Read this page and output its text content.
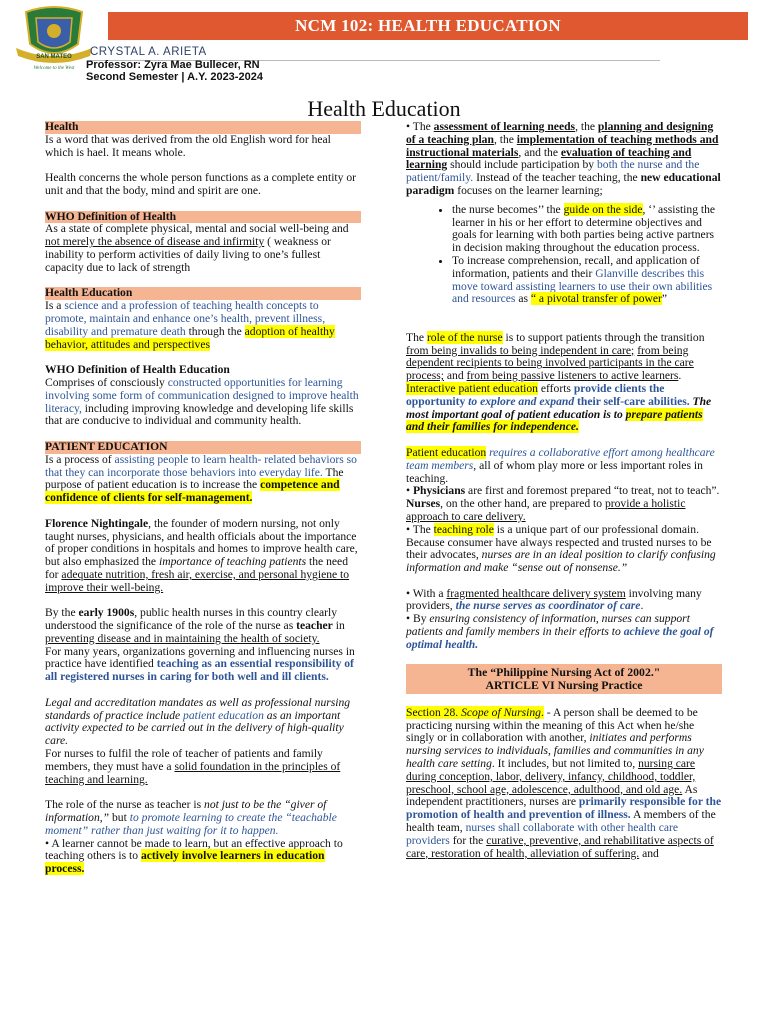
SAN MATEO
Welcome to the West
NCM 102: HEALTH EDUCATION
CRYSTAL A. ARIETA
Professor: Zyra Mae Bullecer, RN
Second Semester | A.Y. 2023-2024
Health Education
Health

Is a word that was derived from the old English word for heal which is hael. It means whole.

Health concerns the whole person functions as a complete entity or unit and that the body, mind and spirit are one.

WHO Definition of Health

As a state of complete physical, mental and social well-being and not merely the absence of disease and infirmity ( weakness or inability to perform activities of daily living to one’s fullest capacity due to lack of strength

Health Education

Is a science and a profession of teaching health concepts to promote, maintain and enhance one’s health, prevent illness, disability and premature death through the adoption of healthy behavior, attitudes and perspectives

WHO Definition of Health Education

Comprises of consciously constructed opportunities for learning involving some form of communication designed to improve health literacy, including improving knowledge and developing life skills that are conducive to individual and community health.

PATIENT EDUCATION

Is a process of assisting people to learn health- related behaviors so that they can incorporate those behaviors into everyday life. The purpose of patient education is to increase the competence and confidence of clients for self-management.

Florence Nightingale, the founder of modern nursing, not only taught nurses, physicians, and health officials about the importance of proper conditions in hospitals and homes to improve health care, but also emphasized the importance of teaching patients the need for adequate nutrition, fresh air, exercise, and personal hygiene to improve their well-being.

By the early 1900s, public health nurses in this country clearly understood the significance of the role of the nurse as teacher in preventing disease and in maintaining the health of society.

For many years, organizations governing and influencing nurses in practice have identified teaching as an essential responsibility of all registered nurses in caring for both well and ill clients.

Legal and accreditation mandates as well as professional nursing standards of practice include patient education as an important activity expected to be carried out in the delivery of high-quality care.

For nurses to fulfil the role of teacher of patients and family members, they must have a solid foundation in the principles of teaching and learning.

The role of the nurse as teacher is not just to be the “giver of information,” but to promote learning to create the “teachable moment” rather than just waiting for it to happen.

• A learner cannot be made to learn, but an effective approach to teaching others is to actively involve learners in education process.

• The assessment of learning needs, the planning and designing of a teaching plan, the implementation of teaching methods and instructional materials, and the evaluation of teaching and learning should include participation by both the nurse and the patient/family. Instead of the teacher teaching, the new educational paradigm focuses on the learner learning;

• the nurse becomes’’ the guide on the side, ‘’ assisting the learner in his or her effort to determine objectives and goals for learning with both parties being active partners in decision making throughout the education process.
• To increase comprehension, recall, and application of information, patients and their Glanville describes this move toward assisting learners to use their own abilities and resources as “ a pivotal transfer of power”

The role of the nurse is to support patients through the transition from being invalids to being independent in care; from being dependent recipients to being involved participants in the care process; and from being passive listeners to active learners. Interactive patient education efforts provide clients the opportunity to explore and expand their self-care abilities. The most important goal of patient education is to prepare patients and their families for independence.

Patient education requires a collaborative effort among healthcare team members, all of whom play more or less important roles in teaching.

• Physicians are first and foremost prepared “to treat, not to teach”.

Nurses, on the other hand, are prepared to provide a holistic approach to care delivery.

• The teaching role is a unique part of our professional domain. Because consumer have always respected and trusted nurses to be their advocates, nurses are in an ideal position to clarify confusing information and make “sense out of nonsense.”

• With a fragmented healthcare delivery system involving many providers, the nurse serves as coordinator of care.

• By ensuring consistency of information, nurses can support patients and family members in their efforts to achieve the goal of optimal health.

The “Philippine Nursing Act of 2002."
ARTICLE VI Nursing Practice

Section 28. Scope of Nursing. - A person shall be deemed to be practicing nursing within the meaning of this Act when he/she singly or in collaboration with another, initiates and performs nursing services to individuals, families and communities in any health care setting. It includes, but not limited to, nursing care during conception, labor, delivery, infancy, childhood, toddler, preschool, school age, adolescence, adulthood, and old age. As independent practitioners, nurses are primarily responsible for the promotion of health and prevention of illness. A members of the health team, nurses shall collaborate with other health care providers for the curative, preventive, and rehabilitative aspects of care, restoration of health, alleviation of suffering. and
